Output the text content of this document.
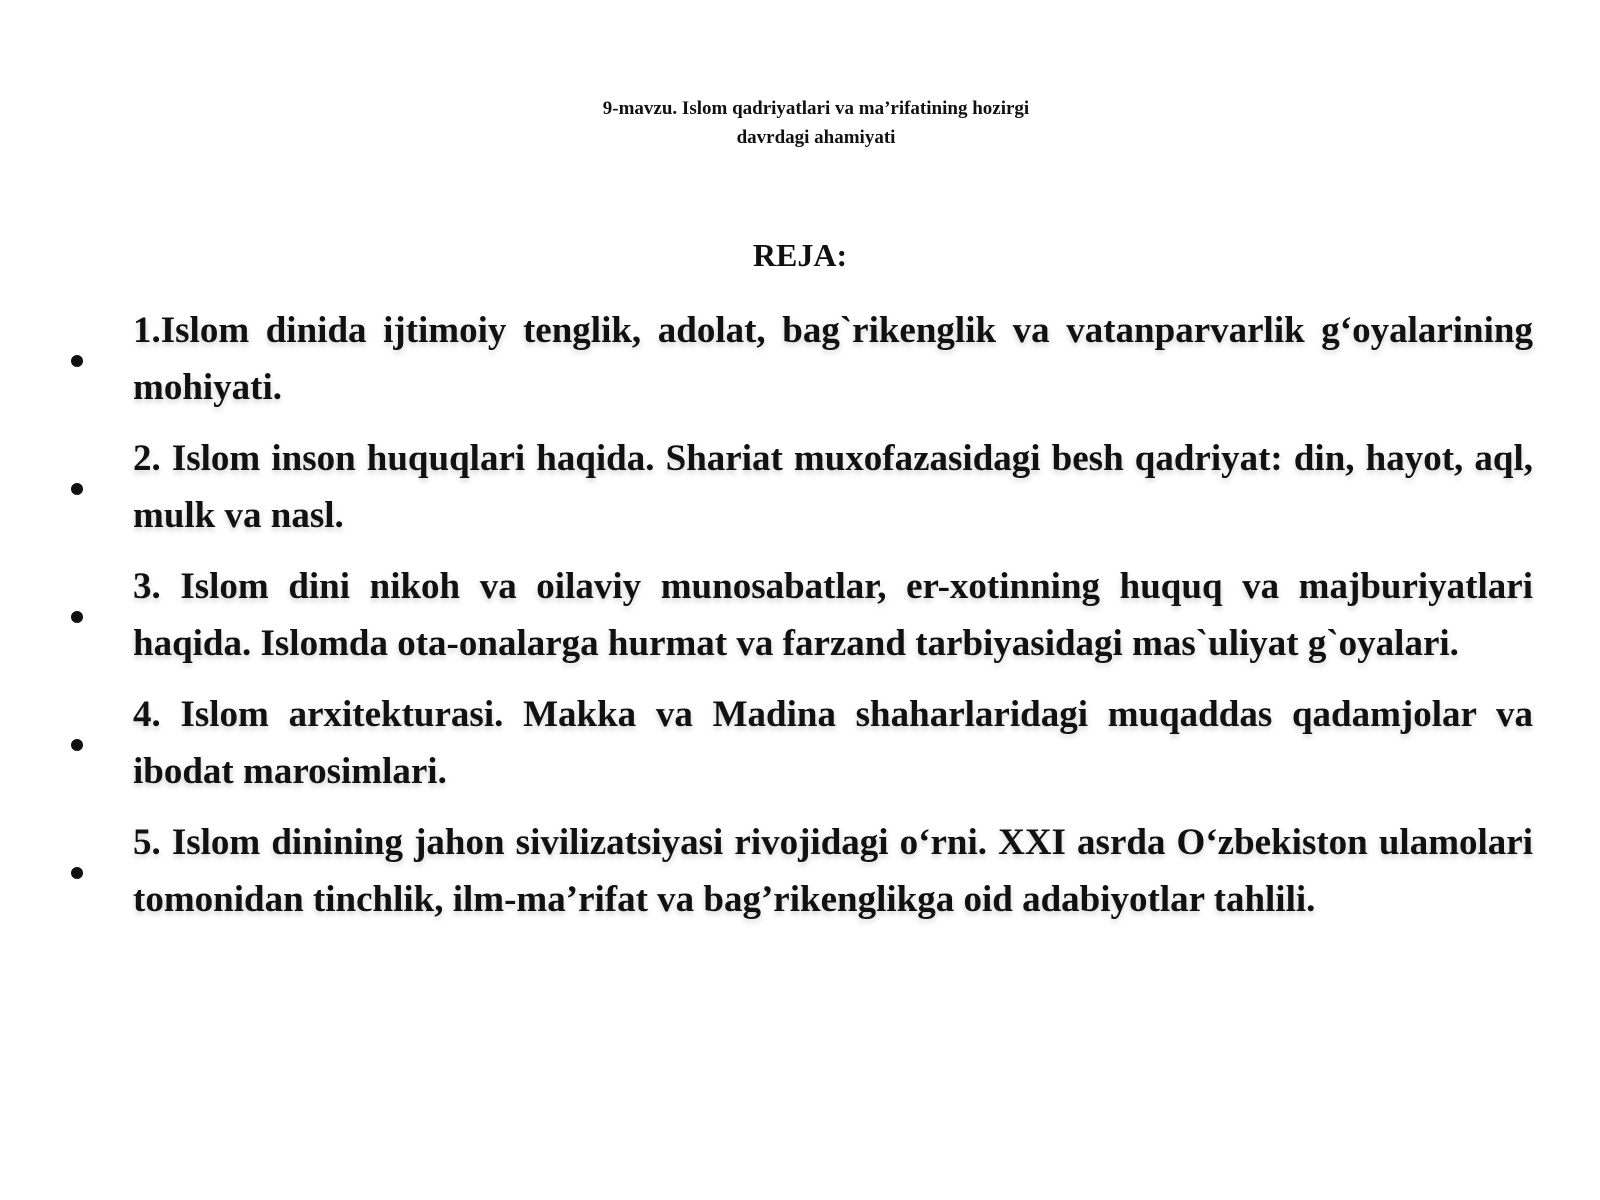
9-mavzu. Islom qadriyatlari va ma’rifatining hozirgi
davrdagi ahamiyati
REJA:
1.Islom dinida ijtimoiy tenglik, adolat, bag`rikenglik va vatanparvarlik g‘oyalarining mohiyati.
2. Islom inson huquqlari haqida. Shariat muxofazasidagi besh qadriyat: din, hayot, aql, mulk va nasl.
3. Islom dini nikoh va oilaviy munosabatlar, er-xotinning huquq va majburiyatlari haqida. Islomda ota-onalarga hurmat va farzand tarbiyasidagi mas`uliyat g`oyalari.
4. Islom arxitekturasi. Makka va Madina shaharlaridagi muqaddas qadamjolar va ibodat marosimlari.
5. Islom dinining jahon sivilizatsiyasi rivojidagi o‘rni. XXI asrda O‘zbekiston ulamolari tomonidan tinchlik, ilm-ma’rifat va bag’rikenglikga oid adabiyotlar tahlili.
